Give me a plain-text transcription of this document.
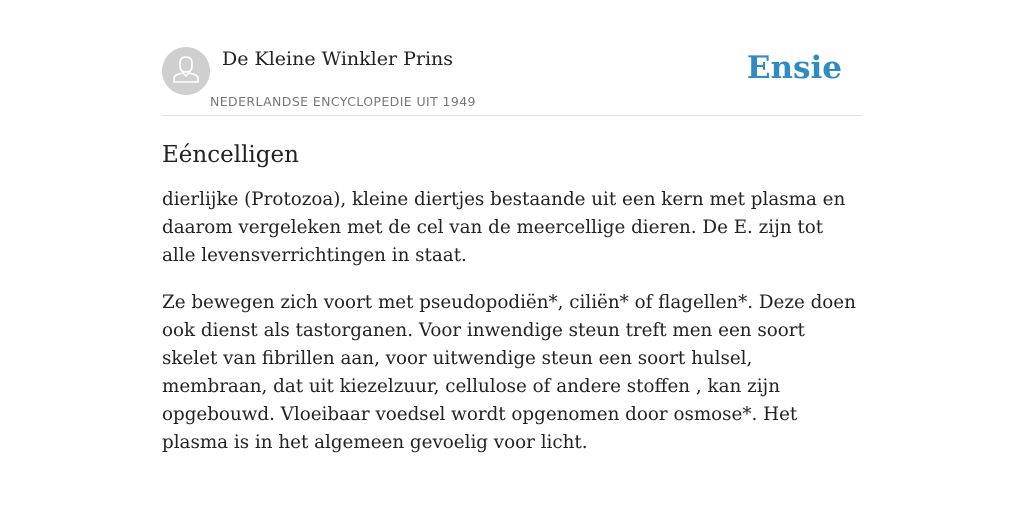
De Kleine Winkler Prins
NEDERLANDSE ENCYCLOPEDIE UIT 1949
Ensie
Eéncelligen

dierlijke (Protozoa), kleine diertjes bestaande uit een kern met plasma en daarom vergeleken met de cel van de meercellige dieren. De E. zijn tot alle levensverrichtingen in staat.

Ze bewegen zich voort met pseudopodiën*, ciliën* of flagellen*. Deze doen ook dienst als tastorganen. Voor inwendige steun treft men een soort skelet van fibrillen aan, voor uitwendige steun een soort hulsel, membraan, dat uit kiezelzuur, cellulose of andere stoffen , kan zijn opgebouwd. Vloeibaar voedsel wordt opgenomen door osmose*. Het plasma is in het algemeen gevoelig voor licht.
